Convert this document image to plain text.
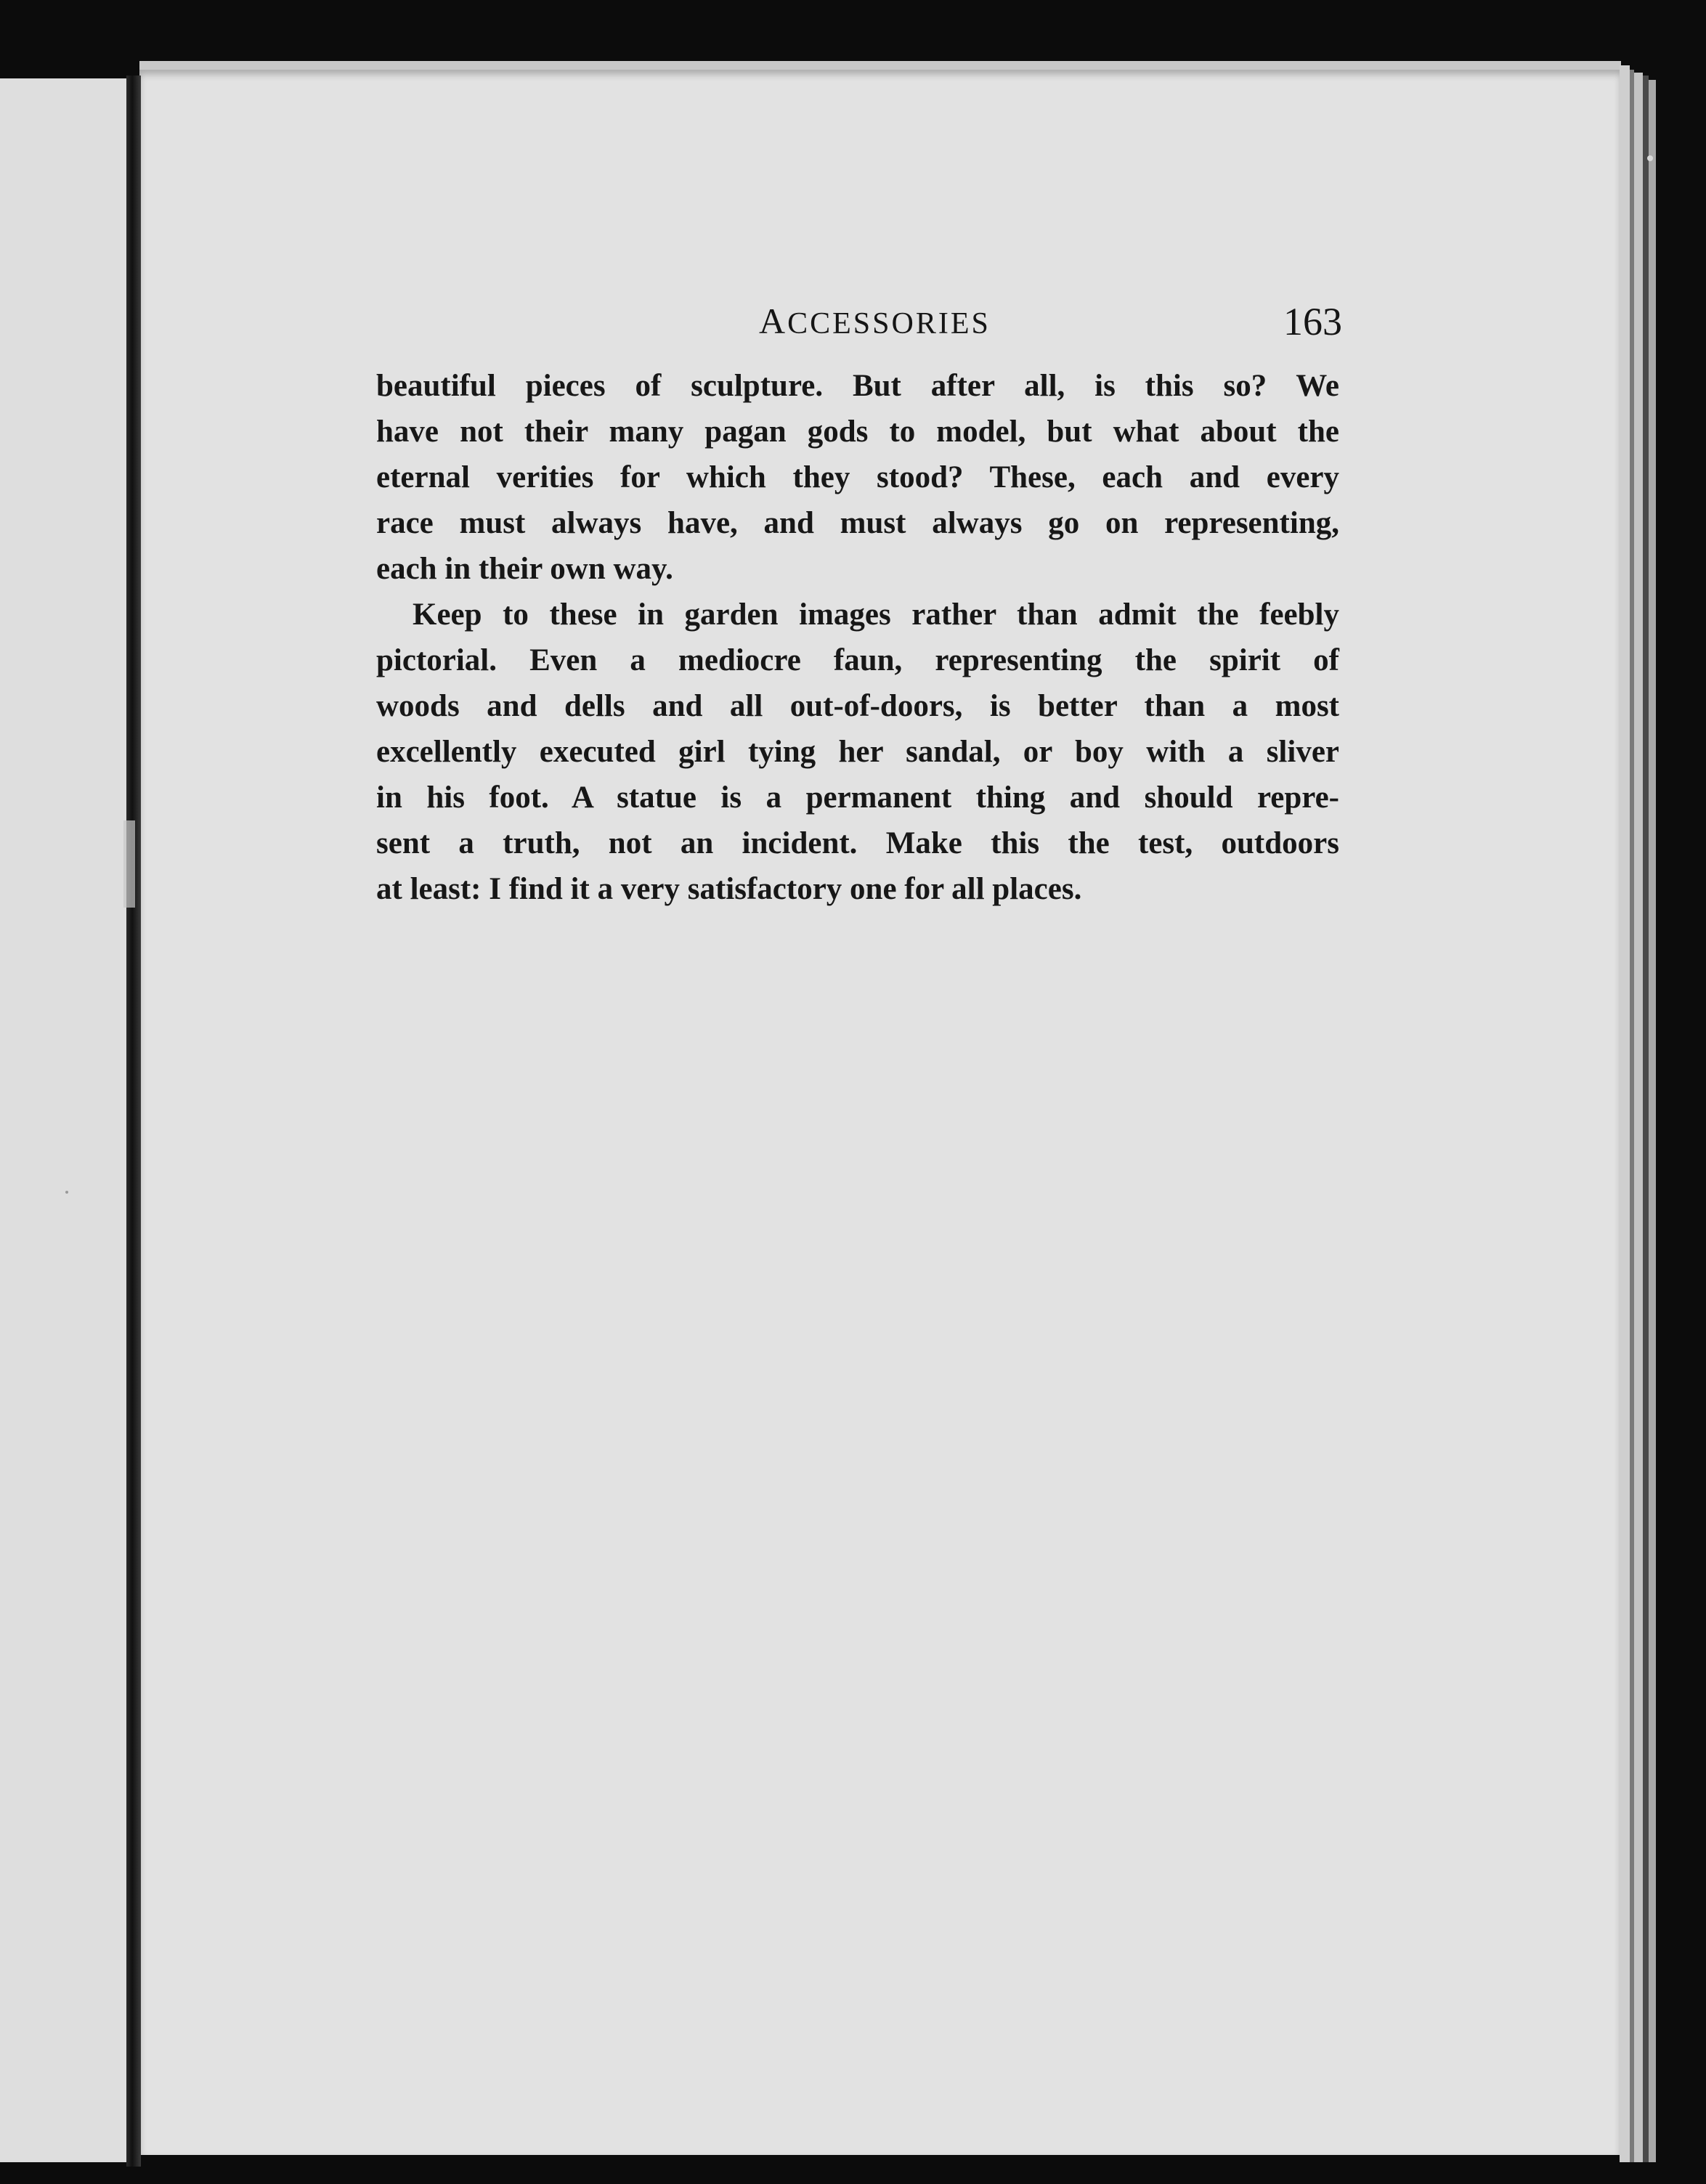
ACCESSORIES	163
beautiful pieces of sculpture. But after all, is this so? We
have not their many pagan gods to model, but what about the
eternal verities for which they stood? These, each and every
race must always have, and must always go on representing,
each in their own way.
Keep to these in garden images rather than admit the feebly
pictorial. Even a mediocre faun, representing the spirit of
woods and dells and all out-of-doors, is better than a most
excellently executed girl tying her sandal, or boy with a sliver
in his foot. A statue is a permanent thing and should repre-
sent a truth, not an incident. Make this the test, outdoors
at least: I find it a very satisfactory one for all places.
